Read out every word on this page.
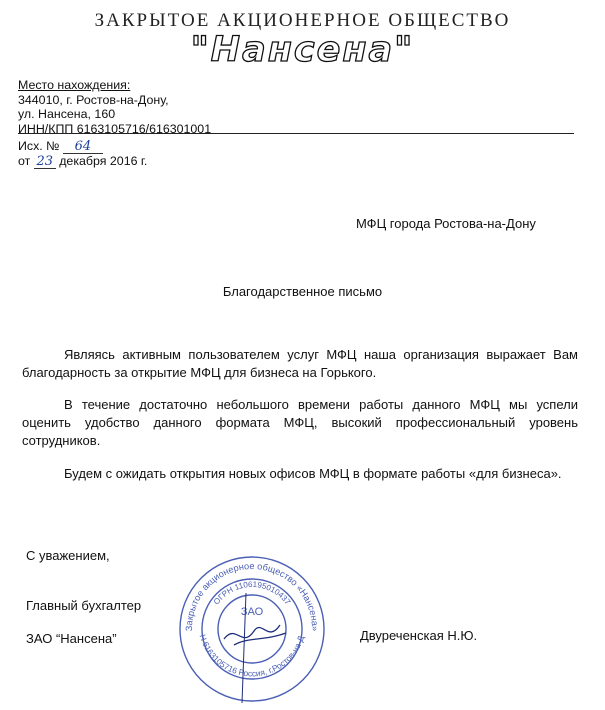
ЗАКРЫТОЕ АКЦИОНЕРНОЕ ОБЩЕСТВО
"Нансена"
Место нахождения:
344010, г. Ростов-на-Дону,
ул. Нансена, 160
ИНН/КПП 6163105716/616301001
Исх. № 64
от 23 декабря 2016 г.
МФЦ города Ростова-на-Дону
Благодарственное письмо
Являясь активным пользователем услуг МФЦ наша организация выражает Вам благодарность за открытие МФЦ для бизнеса на Горького.
В течение достаточно небольшого времени работы данного МФЦ мы успели оценить удобство данного формата МФЦ, высокий профессиональный уровень сотрудников.
Будем с ожидать открытия новых офисов МФЦ в формате работы «для бизнеса».
С уважением,
Главный бухгалтер
ЗАО “Нансена”	Двуреченская Н.Ю.
Закрытое акционерное общество «Нансена»
ОГРН 1106195010437
Н 6163105716 Россия, г.Ростов-на-Д
ЗАО
